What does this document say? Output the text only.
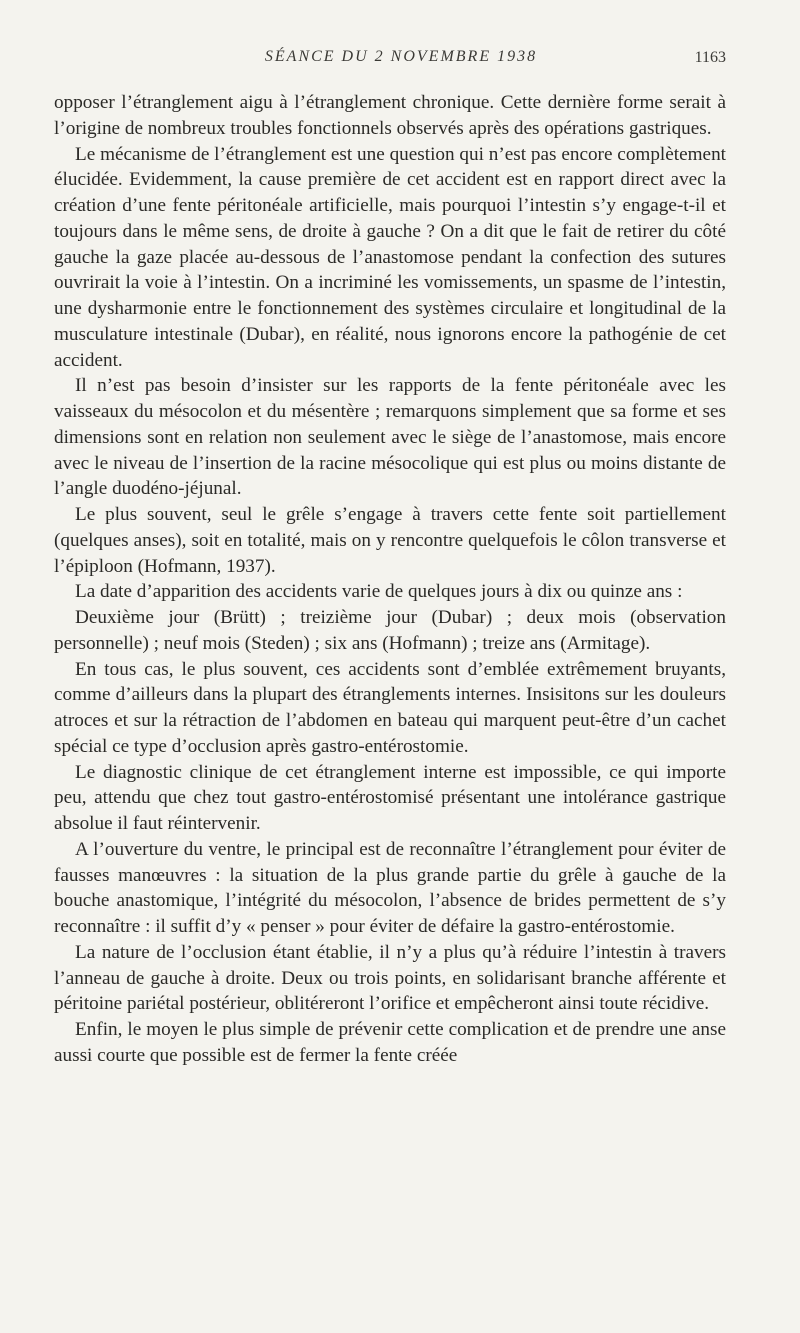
SÉANCE DU 2 NOVEMBRE 1938	1163

opposer l’étranglement aigu à l’étranglement chronique. Cette dernière forme serait à l’origine de nombreux troubles fonctionnels observés après des opérations gastriques.

Le mécanisme de l’étranglement est une question qui n’est pas encore complètement élucidée. Evidemment, la cause première de cet accident est en rapport direct avec la création d’une fente péritonéale artificielle, mais pourquoi l’intestin s’y engage-t-il et toujours dans le même sens, de droite à gauche ? On a dit que le fait de retirer du côté gauche la gaze placée au-dessous de l’anastomose pendant la confection des sutures ouvrirait la voie à l’intestin. On a incriminé les vomissements, un spasme de l’intestin, une dysharmonie entre le fonctionnement des systèmes circulaire et longitudinal de la musculature intestinale (Dubar), en réalité, nous ignorons encore la pathogénie de cet accident.

Il n’est pas besoin d’insister sur les rapports de la fente péritonéale avec les vaisseaux du mésocolon et du mésentère ; remarquons simplement que sa forme et ses dimensions sont en relation non seulement avec le siège de l’anastomose, mais encore avec le niveau de l’insertion de la racine mésocolique qui est plus ou moins distante de l’angle duodéno-jéjunal.

Le plus souvent, seul le grêle s’engage à travers cette fente soit partiellement (quelques anses), soit en totalité, mais on y rencontre quelquefois le côlon transverse et l’épiploon (Hofmann, 1937).

La date d’apparition des accidents varie de quelques jours à dix ou quinze ans :

Deuxième jour (Brütt) ; treizième jour (Dubar) ; deux mois (observation personnelle) ; neuf mois (Steden) ; six ans (Hofmann) ; treize ans (Armitage).

En tous cas, le plus souvent, ces accidents sont d’emblée extrêmement bruyants, comme d’ailleurs dans la plupart des étranglements internes. Insisitons sur les douleurs atroces et sur la rétraction de l’abdomen en bateau qui marquent peut-être d’un cachet spécial ce type d’occlusion après gastro-entérostomie.

Le diagnostic clinique de cet étranglement interne est impossible, ce qui importe peu, attendu que chez tout gastro-entérostomisé présentant une intolérance gastrique absolue il faut réintervenir.

A l’ouverture du ventre, le principal est de reconnaître l’étranglement pour éviter de fausses manœuvres : la situation de la plus grande partie du grêle à gauche de la bouche anastomique, l’intégrité du mésocolon, l’absence de brides permettent de s’y reconnaître : il suffit d’y « penser » pour éviter de défaire la gastro-entérostomie.

La nature de l’occlusion étant établie, il n’y a plus qu’à réduire l’intestin à travers l’anneau de gauche à droite. Deux ou trois points, en solidarisant branche afférente et péritoine pariétal postérieur, oblitéreront l’orifice et empêcheront ainsi toute récidive.

Enfin, le moyen le plus simple de prévenir cette complication et de prendre une anse aussi courte que possible est de fermer la fente créée
